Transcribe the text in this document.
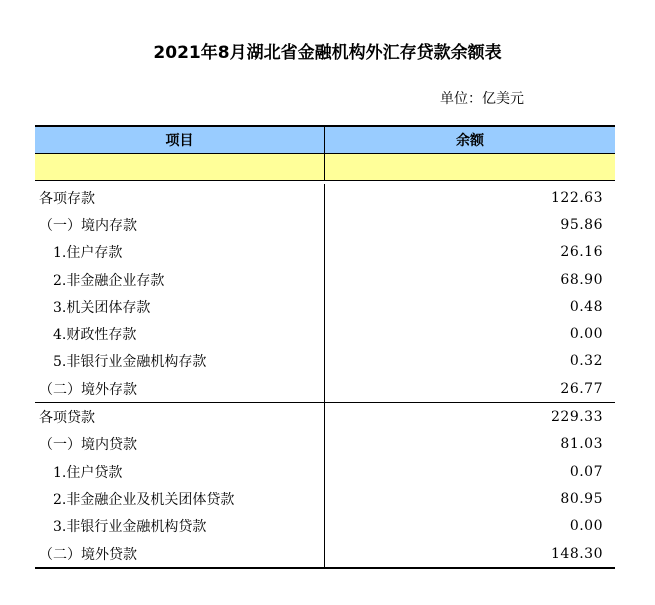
2021年8月湖北省金融机构外汇存贷款余额表
单位：亿美元
项目	余额
各项存款	122.63
（一）境内存款	95.86
1.住户存款	26.16
2.非金融企业存款	68.90
3.机关团体存款	0.48
4.财政性存款	0.00
5.非银行业金融机构存款	0.32
（二）境外存款	26.77
各项贷款	229.33
（一）境内贷款	81.03
1.住户贷款	0.07
2.非金融企业及机关团体贷款	80.95
3.非银行业金融机构贷款	0.00
（二）境外贷款	148.30
